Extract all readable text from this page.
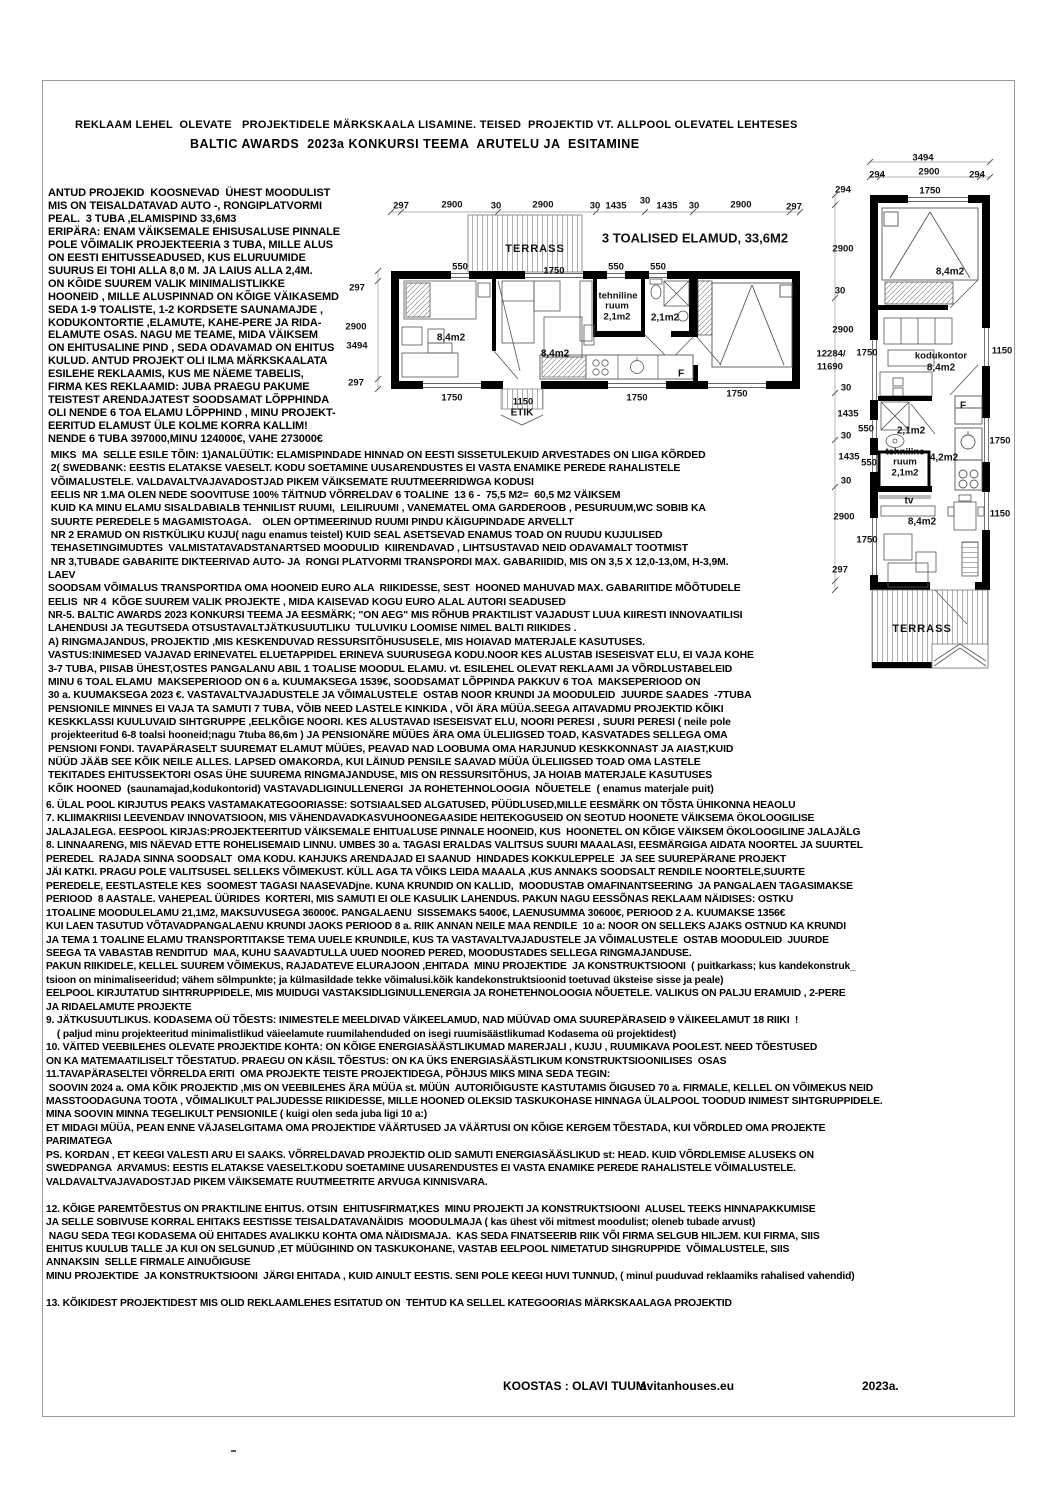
REKLAAM LEHEL  OLEVATE   PROJEKTIDELE MÄRKSKAALA LISAMINE. TEISED  PROJEKTID VT. ALLPOOL OLEVATEL LEHTESES
BALTIC AWARDS  2023a KONKURSI TEEMA  ARUTELU JA  ESITAMINE
ANTUD PROJEKID  KOOSNEVAD  ÜHEST MOODULIST
MIS ON TEISALDATAVAD AUTO -, RONGIPLATVORMI
PEAL.  3 TUBA ,ELAMISPIND 33,6M3
ERIPÄRA: ENAM VÄIKSEMALE EHISUSALUSE PINNALE
POLE VÕIMALIK PROJEKTEERIA 3 TUBA, MILLE ALUS
ON EESTI EHITUSSEADUSED, KUS ELURUUMIDE
SUURUS EI TOHI ALLA 8,0 M. JA LAIUS ALLA 2,4M.
ON KÕIDE SUUREM VALIK MINIMALISTLIKKE
HOONEID , MILLE ALUSPINNAD ON KÕIGE VÄIKASEMD
SEDA 1-9 TOALISTE, 1-2 KORDSETE SAUNAMAJDE ,
KODUKONTORTIE ,ELAMUTE, KAHE-PERE JA RIDA-
ELAMUTE OSAS. NAGU ME TEAME, MIDA VÄIKSEM
ON EHITUSALINE PIND , SEDA ODAVAMAD ON EHITUS
KULUD. ANTUD PROJEKT OLI ILMA MÄRKSKAALATA
ESILEHE REKLAAMIS, KUS ME NÄEME TABELIS,
FIRMA KES REKLAAMID: JUBA PRAEGU PAKUME
TEISTEST ARENDAJATEST SOODSAMAT LÕPPHINDA
OLI NENDE 6 TOA ELAMU LÕPPHIND , MINU PROJEKT-
EERITUD ELAMUST ÜLE KOLME KORRA KALLIM!
NENDE 6 TUBA 397000,MINU 124000€, VAHE 273000€
297	2900	30	2900	30 1435 30 1435 30	2900	297
550	1750	550	550
TERRASS
3 TOALISED ELAMUD, 33,6M2
297
2900
3494
297
12284/
11690
8,4m2
8,4m2
tehniline
ruum
2,1m2 2,1m2
F
1750	1150
ETIK
1750	1750
3494
294	2900	294
1750
294
2900
30
2900
1750
30
1435
550
30
1435
550
30
2900
1750
297
1150
1750
1150
8,4m2
kodukontor
8,4m2
2,1m2
F
tehniline
ruum
2,1m2
4,2m2
tv
8,4m2
TERRASS
MIKS  MA  SELLE ESILE TÕIN: 1)ANALÜÜTIK: ELAMISPINDADE HINNAD ON EESTI SISSETULEKUID ARVESTADES ON LIIGA KÕRDED
2( SWEDBANK: EESTIS ELATAKSE VAESELT. KODU SOETAMINE UUSARENDUSTES EI VASTA ENAMIKE PEREDE RAHALISTELE
VÕIMALUSTELE. VALDAVALTVAJAVADOSTJAD PIKEM VÄIKSEMATE RUUTMEERRIDWGA KODUSI
EELIS NR 1.MA OLEN NEDE SOOVITUSE 100% TÄITNUD VÕRRELDAV 6 TOALINE  13 6 -  75,5 M2=  60,5 M2 VÄIKSEM
KUID KA MINU ELAMU SISALDABIALB TEHNILIST RUUMI,  LEILIRUUMI , VANEMATEL OMA GARDEROOB , PESURUUM,WC SOBIB KA
SUURTE PEREDELE 5 MAGAMISTOAGA.    OLEN OPTIMEERINUD RUUMI PINDU KÄIGUPINDADE ARVELLT
NR 2 ERAMUD ON RISTKÜLIKU KUJU( nagu enamus teistel) KUID SEAL ASETSEVAD ENAMUS TOAD ON RUUDU KUJULISED
TEHASETINGIMUDTES  VALMISTATAVADSTANARTSED MOODULID  KIIRENDAVAD , LIHTSUSTAVAD NEID ODAVAMALT TOOTMIST
NR 3,TUBADE GABARIITE DIKTEERIVAD AUTO- JA  RONGI PLATVORMI TRANSPORDI MAX. GABARIIDID, MIS ON 3,5 X 12,0-13,0M, H-3,9M.
LAEV
SOODSAM VÕIMALUS TRANSPORTIDA OMA HOONEID EURO ALA  RIIKIDESSE, SEST  HOONED MAHUVAD MAX. GABARIITIDE MÕÕTUDELE
EELIS  NR 4  KÕGE SUUREM VALIK PROJEKTE , MIDA KAISEVAD KOGU EURO ALAL AUTORI SEADUSED
NR-5. BALTIC AWARDS 2023 KONKURSI TEEMA JA EESMÄRK; "ON AEG" MIS RÕHUB PRAKTILIST VAJADUST LUUA KIIRESTI INNOVAATILISI
LAHENDUSI JA TEGUTSEDA OTSUSTAVALTJÄTKUSUUTLIKU  TULUVIKU LOOMISE NIMEL BALTI RIIKIDES .
A) RINGMAJANDUS, PROJEKTID ,MIS KESKENDUVAD RESSURSITÕHUSUSELE, MIS HOIAVAD MATERJALE KASUTUSES.
VASTUS:INIMESED VAJAVAD ERINEVATEL ELUETAPPIDEL ERINEVA SUURUSEGA KODU.NOOR KES ALUSTAB ISESEISVAT ELU, EI VAJA KOHE
3-7 TUBA, PIISAB ÜHEST,OSTES PANGALANU ABIL 1 TOALISE MOODUL ELAMU. vt. ESILEHEL OLEVAT REKLAAMI JA VÕRDLUSTABELEID
MINU 6 TOAL ELAMU  MAKSEPERIOOD ON 6 a. KUUMAKSEGA 1539€, SOODSAMAT LÕPPINDA PAKKUV 6 TOA  MAKSEPERIOOD ON
30 a. KUUMAKSEGA 2023 €. VASTAVALTVAJADUSTELE JA VÕIMALUSTELE  OSTAB NOOR KRUNDI JA MOODULEID  JUURDE SAADES  -7TUBA
PENSIONILE MINNES EI VAJA TA SAMUTI 7 TUBA, VÕIB NEED LASTELE KINKIDA , VÕI ÄRA MÜÜA.SEEGA AITAVADMU PROJEKTID KÕIKI
KESKKLASSI KUULUVAID SIHTGRUPPE ,EELKÕIGE NOORI. KES ALUSTAVAD ISESEISVAT ELU, NOORI PERESI , SUURI PERESI ( neile pole
projekteeritud 6-8 toalsi hooneid;nagu 7tuba 86,6m ) JA PENSIONÄRE MÜÜES ÄRA OMA ÜLELIIGSED TOAD, KASVATADES SELLEGA OMA
PENSIONI FONDI. TAVAPÄRASELT SUUREMAT ELAMUT MÜÜES, PEAVAD NAD LOOBUMA OMA HARJUNUD KESKKONNAST JA AIAST,KUID
NÜÜD JÄÄB SEE KÕIK NEILE ALLES. LAPSED OMAKORDA, KUI LÄINUD PENSILE SAAVAD MÜÜA ÜLELIIGSED TOAD OMA LASTELE
TEKITADES EHITUSSEKTORI OSAS ÜHE SUUREMA RINGMAJANDUSE, MIS ON RESSURSITÕHUS, JA HOIAB MATERJALE KASUTUSES
KÕIK HOONED  (saunamajad,kodukontorid) VASTAVADLIGINULLENERGI  JA ROHETEHNOLOOGIA  NÕUETELE  ( enamus materjale puit)
6. ÜLAL POOL KIRJUTUS PEAKS VASTAMAKATEGOORIASSE: SOTSIAALSED ALGATUSED, PÜÜDLUSED,MILLE EESMÄRK ON TÕSTA ÜHIKONNA HEAOLU
7. KLIIMAKRIISI LEEVENDAV INNOVATSIOON, MIS VÄHENDAVADKASVUHOONEGAASIDE HEITEKOGUSEID ON SEOTUD HOONETE VÄIKSEMA ÖKOLOOGILISE
JALAJALEGA. EESPOOL KIRJAS:PROJEKTEERITUD VÄIKSEMALE EHITUALUSE PINNALE HOONEID, KUS  HOONETEL ON KÕIGE VÄIKSEM ÖKOLOOGILINE JALAJÄLG
8. LINNAARENG, MIS NÄEVAD ETTE ROHELISEMAID LINNU. UMBES 30 a. TAGASI ERALDAS VALITSUS SUURI MAAALASI, EESMÄRGIGA AIDATA NOORTEL JA SUURTEL
PEREDEL  RAJADA SINNA SOODSALT  OMA KODU. KAHJUKS ARENDAJAD EI SAANUD  HINDADES KOKKULEPPELE  JA SEE SUUREPÄRANE PROJEKT
JÄI KATKI. PRAGU POLE VALITSUSEL SELLEKS VÕIMEKUST. KÜLL AGA TA VÕIKS LEIDA MAAALA ,KUS ANNAKS SOODSALT RENDILE NOORTELE,SUURTE
PEREDELE, EESTLASTELE KES  SOOMEST TAGASI NAASEVADjne. KUNA KRUNDID ON KALLID,  MOODUSTAB OMAFINANTSEERING  JA PANGALAEN TAGASIMAKSE
PERIOOD  8 AASTALE. VAHEPEAL ÜÜRIDES  KORTERI, MIS SAMUTI EI OLE KASULIK LAHENDUS. PAKUN NAGU EESSÕNAS REKLAAM NÄIDISES: OSTKU
1TOALINE MOODULELAMU 21,1M2, MAKSUVUSEGA 36000€. PANGALAENU  SISSEMAKS 5400€, LAENUSUMMA 30600€, PERIOOD 2 A. KUUMAKSE 1356€
KUI LAEN TASUTUD VÕTAVADPANGALAENU KRUNDI JAOKS PERIOOD 8 a. RIIK ANNAN NEILE MAA RENDILE  10 a: NOOR ON SELLEKS AJAKS OSTNUD KA KRUNDI
JA TEMA 1 TOALINE ELAMU TRANSPORTITAKSE TEMA UUELE KRUNDILE, KUS TA VASTAVALTVAJADUSTELE JA VÕIMALUSTELE  OSTAB MOODULEID  JUURDE
SEEGA TA VABASTAB RENDITUD  MAA, KUHU SAAVADTULLA UUED NOORED PERED, MOODUSTADES SELLEGA RINGMAJANDUSE.
PAKUN RIIKIDELE, KELLEL SUUREM VÕIMEKUS, RAJADATEVE ELURAJOON ,EHITADA  MINU PROJEKTIDE  JA KONSTRUKTSIOONI  ( puitkarkass; kus kandekonstruk_
tsioon on minimaliseeridud; vähem sõlmpunkte; ja külmasildade tekke võimalusi.kõik kandekonstruktsioonid toetuvad üksteise sisse ja peale)
EELPOOL KIRJUTATUD SIHTRRUPPIDELE, MIS MUIDUGI VASTAKSIDLIGINULLENERGIA JA ROHETEHNOLOOGIA NÕUETELE. VALIKUS ON PALJU ERAMUID , 2-PERE
JA RIDAELAMUTE PROJEKTE
9. JÄTKUSUUTLIKUS. KODASEMA OÜ TÕESTS: INIMESTELE MEELDIVAD VÄIKEELAMUD, NAD MÜÜVAD OMA SUUREPÄRASEID 9 VÄIKEELAMUT 18 RIIKI  !
( paljud minu projekteeritud minimalistlikud väieelamute ruumilahenduded on isegi ruumisäästlikumad Kodasema oü projektidest)
10. VÄITED VEEBILEHES OLEVATE PROJEKTIDE KOHTA: ON KÕIGE ENERGIASÄÄSTLIKUMAD MARERJALI , KUJU , RUUMIKAVA POOLEST. NEED TÕESTUSED
ON KA MATEMAATILISELT TÕESTATUD. PRAEGU ON KÄSIL TÕESTUS: ON KA ÜKS ENERGIASÄÄSTLIKUM KONSTRUKTSIOONILISES  OSAS
11.TAVAPÄRASELTEI VÕRRELDA ERITI  OMA PROJEKTE TEISTE PROJEKTIDEGA, PÕHJUS MIKS MINA SEDA TEGIN:
SOOVIN 2024 a. OMA KÕIK PROJEKTID ,MIS ON VEEBILEHES ÄRA MÜÜA st. MÜÜN  AUTORIÕIGUSTE KASTUTAMIS ÕIGUSED 70 a. FIRMALE, KELLEL ON VÕIMEKUS NEID
MASSTOODAGUNA TOOTA , VÕIMALIKULT PALJUDESSE RIIKIDESSE, MILLE HOONED OLEKSID TASKUKOHASE HINNAGA ÜLALPOOL TOODUD INIMEST SIHTGRUPPIDELE.
MINA SOOVIN MINNA TEGELIKULT PENSIONILE ( kuigi olen seda juba ligi 10 a:)
ET MIDAGI MÜÜA, PEAN ENNE VÄJASELGITAMA OMA PROJEKTIDE VÄÄRTUSED JA VÄÄRTUSI ON KÕIGE KERGEM TÕESTADA, KUI VÕRDLED OMA PROJEKTE
PARIMATEGA
PS. KORDAN , ET KEEGI VALESTI ARU EI SAAKS. VÕRRELDAVAD PROJEKTID OLID SAMUTI ENERGIASÄÄSLIKUD st: HEAD. KUID VÕRDLEMISE ALUSEKS ON
SWEDPANGA  ARVAMUS: EESTIS ELATAKSE VAESELT.KODU SOETAMINE UUSARENDUSTES EI VASTA ENAMIKE PEREDE RAHALISTELE VÕIMALUSTELE.
VALDAVALTVAJAVADOSTJAD PIKEM VÄIKSEMATE RUUTMEETRITE ARVUGA KINNISVARA.

12. KÕIGE PAREMTÕESTUS ON PRAKTILINE EHITUS. OTSIN  EHITUSFIRMAT,KES  MINU PROJEKTI JA KONSTRUKTSIOONI  ALUSEL TEEKS HINNAPAKKUMISE
JA SELLE SOBIVUSE KORRAL EHITAKS EESTISSE TEISALDATAVANÄIDIS  MOODULMAJA ( kas ühest või mitmest moodulist; oleneb tubade arvust)
NAGU SEDA TEGI KODASEMA OÜ EHITADES AVALIKKU KOHTA OMA NÄIDISMAJA.  KAS SEDA FINATSEERIB RIIK VÕI FIRMA SELGUB HILJEM. KUI FIRMA, SIIS
EHITUS KUULUB TALLE JA KUI ON SELGUNUD ,ET MÜÜGIHIND ON TASKUKOHANE, VASTAB EELPOOL NIMETATUD SIHGRUPPIDE  VÕIMALUSTELE, SIIS
ANNAKSIN  SELLE FIRMALE AINUÕIGUSE
MINU PROJEKTIDE  JA KONSTRUKTSIOONI  JÄRGI EHITADA , KUID AINULT EESTIS. SENI POLE KEEGI HUVI TUNNUD, ( minul puuduvad reklaamiks rahalised vahendid)

13. KÕIKIDEST PROJEKTIDEST MIS OLID REKLAAMLEHES ESITATUD ON  TEHTUD KA SELLEL KATEGOORIAS MÄRKSKAALAGA PROJEKTID
KOOSTAS : OLAVI TUUM
avitanhouses.eu	2023a.
